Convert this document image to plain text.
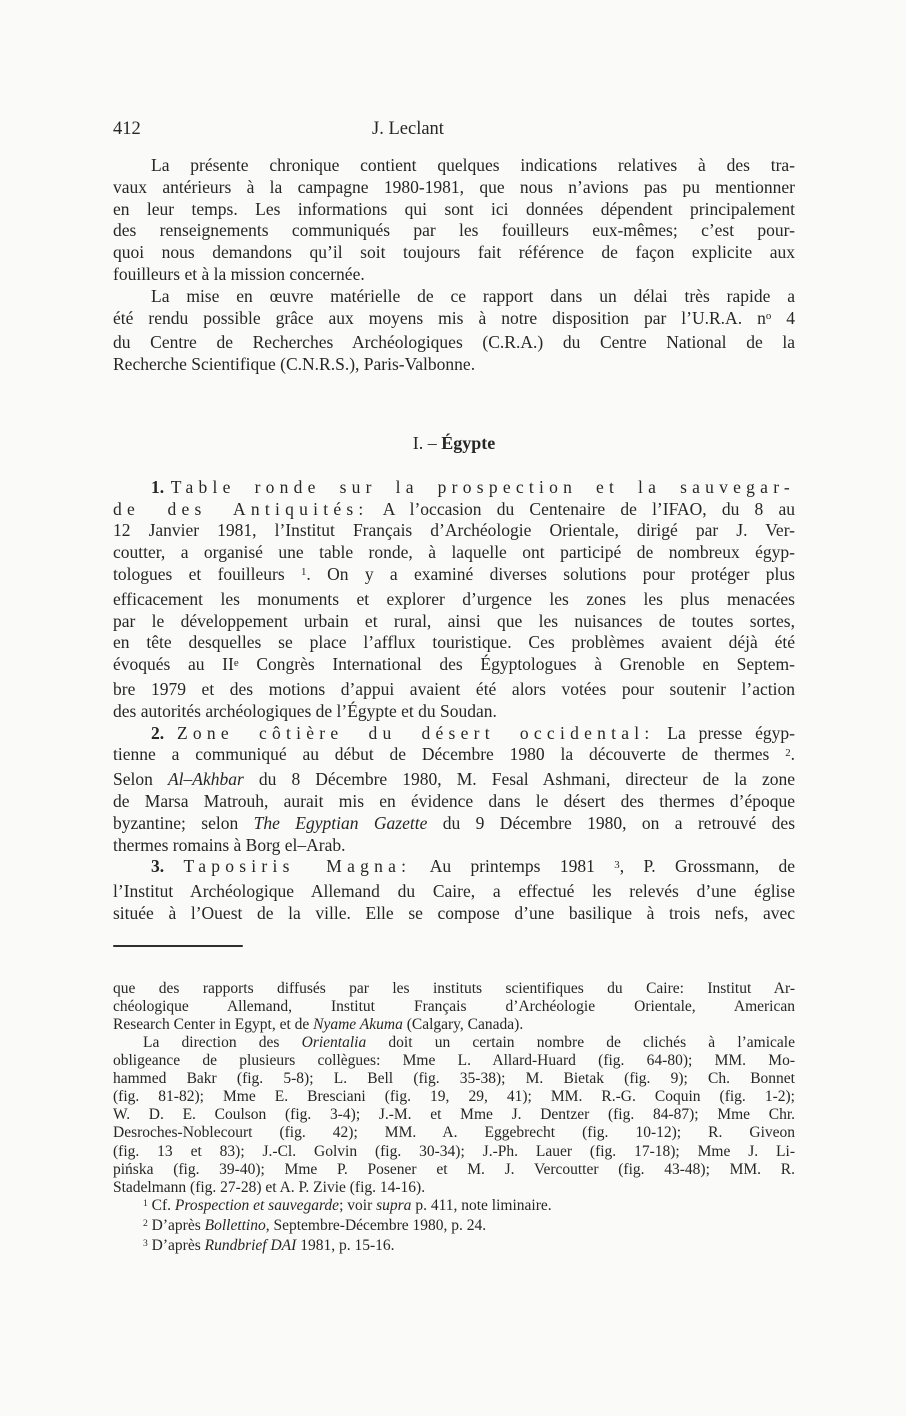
412	J. Leclant
La présente chronique contient quelques indications relatives à des tra-
vaux antérieurs à la campagne 1980-1981, que nous n’avions pas pu mentionner
en leur temps. Les informations qui sont ici données dépendent principalement
des renseignements communiqués par les fouilleurs eux-mêmes; c’est pour-
quoi nous demandons qu’il soit toujours fait référence de façon explicite aux
fouilleurs et à la mission concernée.
La mise en œuvre matérielle de ce rapport dans un délai très rapide a
été rendu possible grâce aux moyens mis à notre disposition par l’U.R.A. $n^o$ 4
du Centre de Recherches Archéologiques (C.R.A.) du Centre National de la
Recherche Scientifique (C.N.R.S.), Paris-Valbonne.
I. – Égypte
1. Table ronde sur la prospection et la sauvegar-
de des Antiquités: A l’occasion du Centenaire de l’IFAO, du 8 au
12 Janvier 1981, l’Institut Français d’Archéologie Orientale, dirigé par J. Ver-
coutter, a organisé une table ronde, à laquelle ont participé de nombreux égyp-
tologues et fouilleurs $^1$. On y a examiné diverses solutions pour protéger plus
efficacement les monuments et explorer d’urgence les zones les plus menacées
par le développement urbain et rural, ainsi que les nuisances de toutes sortes,
en tête desquelles se place l’afflux touristique. Ces problèmes avaient déjà été
évoqués au IIe Congrès International des Égyptologues à Grenoble en Septem-
bre 1979 et des motions d’appui avaient été alors votées pour soutenir l’action
des autorités archéologiques de l’Égypte et du Soudan.
2. Zone côtière du désert occidental: La presse égyp-
tienne a communiqué au début de Décembre 1980 la découverte de thermes $^2$.
Selon Al–Akhbar du 8 Décembre 1980, M. Fesal Ashmani, directeur de la zone
de Marsa Matrouh, aurait mis en évidence dans le désert des thermes d’époque
byzantine; selon The Egyptian Gazette du 9 Décembre 1980, on a retrouvé des
thermes romains à Borg el–Arab.
3. Taposiris Magna: Au printemps 1981 $^3$, P. Grossmann, de
l’Institut Archéologique Allemand du Caire, a effectué les relevés d’une église
située à l’Ouest de la ville. Elle se compose d’une basilique à trois nefs, avec
que des rapports diffusés par les instituts scientifiques du Caire: Institut Ar-
chéologique Allemand, Institut Français d’Archéologie Orientale, American
Research Center in Egypt, et de Nyame Akuma (Calgary, Canada).
La direction des Orientalia doit un certain nombre de clichés à l’amicale
obligeance de plusieurs collègues: Mme L. Allard-Huard (fig. 64-80); MM. Mo-
hammed Bakr (fig. 5-8); L. Bell (fig. 35-38); M. Bietak (fig. 9); Ch. Bonnet
(fig. 81-82); Mme E. Bresciani (fig. 19, 29, 41); MM. R.-G. Coquin (fig. 1-2);
W. D. E. Coulson (fig. 3-4); J.-M. et Mme J. Dentzer (fig. 84-87); Mme Chr.
Desroches-Noblecourt (fig. 42); MM. A. Eggebrecht (fig. 10-12); R. Giveon
(fig. 13 et 83); J.-Cl. Golvin (fig. 30-34); J.-Ph. Lauer (fig. 17-18); Mme J. Li-
pińska (fig. 39-40); Mme P. Posener et M. J. Vercoutter (fig. 43-48); MM. R.
Stadelmann (fig. 27-28) et A. P. Zivie (fig. 14-16).
$^1$ Cf. Prospection et sauvegarde; voir supra p. 411, note liminaire.
$^2$ D’après Bollettino, Septembre-Décembre 1980, p. 24.
$^3$ D’après Rundbrief DAI 1981, p. 15-16.
